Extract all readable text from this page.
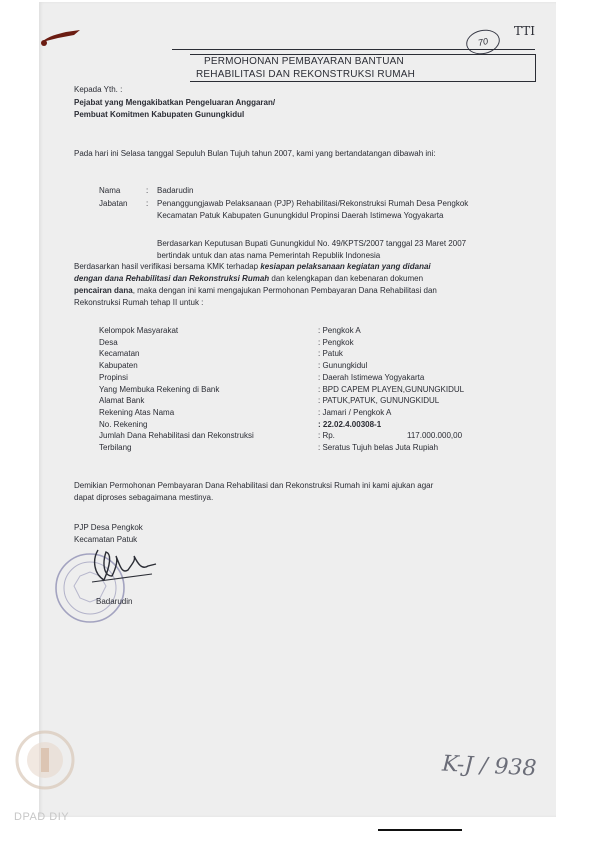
TTI
70
PERMOHONAN PEMBAYARAN BANTUAN
REHABILITASI DAN REKONSTRUKSI RUMAH
Kepada Yth. :
Pejabat yang Mengakibatkan Pengeluaran Anggaran/
Pembuat Komitmen Kabupaten Gunungkidul
Pada hari ini Selasa tanggal Sepuluh Bulan Tujuh tahun 2007, kami yang bertandatangan dibawah ini:
Nama	: Badarudin
Jabatan : Penanggungjawab Pelaksanaan (PJP) Rehabilitasi/Rekonstruksi Rumah Desa Pengkok
Kecamatan Patuk Kabupaten Gunungkidul Propinsi Daerah Istimewa Yogyakarta
Berdasarkan Keputusan Bupati Gunungkidul No. 49/KPTS/2007 tanggal 23 Maret 2007
bertindak untuk dan atas nama Pemerintah Republik Indonesia
Berdasarkan hasil verifikasi bersama KMK terhadap kesiapan pelaksanaan kegiatan yang didanai
dengan dana Rehabilitasi dan Rekonstruksi Rumah dan kelengkapan dan kebenaran dokumen
pencairan dana, maka dengan ini kami mengajukan Permohonan Pembayaran Dana Rehabilitasi dan
Rekonstruksi Rumah tehap II untuk :
Kelompok Masyarakat	: Pengkok A
Desa	: Pengkok
Kecamatan	: Patuk
Kabupaten	: Gunungkidul
Propinsi	: Daerah Istimewa Yogyakarta
Yang Membuka Rekening di Bank	: BPD CAPEM PLAYEN,GUNUNGKIDUL
Alamat Bank	: PATUK,PATUK, GUNUNGKIDUL
Rekening Atas Nama	: Jamari / Pengkok A
No. Rekening	: 22.02.4.00308-1
Jumlah Dana Rehabilitasi dan Rekonstruksi	: Rp.	117.000.000,00
Terbilang	: Seratus Tujuh belas Juta Rupiah
Demikian Permohonan Pembayaran Dana Rehabilitasi dan Rekonstruksi Rumah ini kami ajukan agar
dapat diproses sebagaimana mestinya.
PJP Desa Pengkok
Kecamatan Patuk
Badarudin
K-J / 938
DPAD DIY
